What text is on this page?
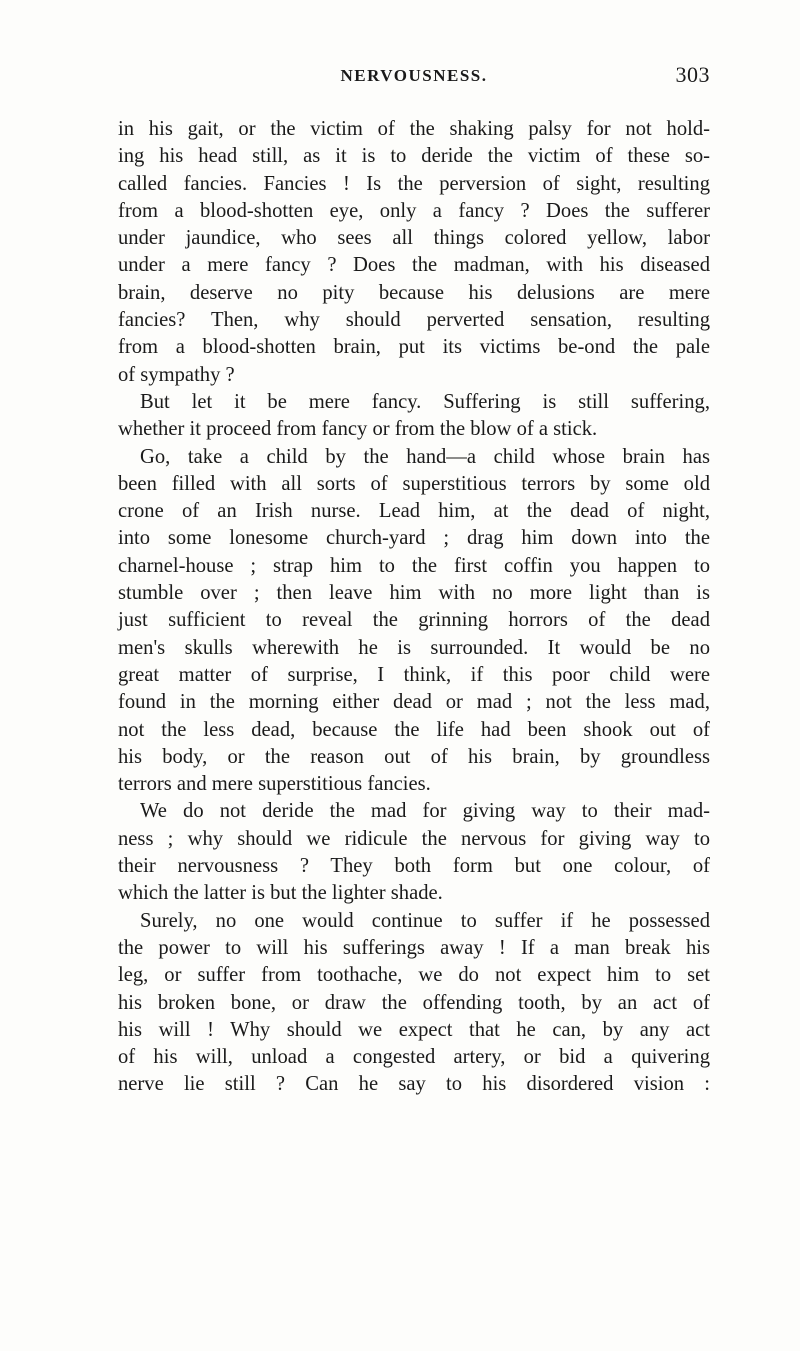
NERVOUSNESS.	303
in his gait, or the victim of the shaking palsy for not hold-
ing his head still, as it is to deride the victim of these so-
called fancies. Fancies ! Is the perversion of sight, resulting
from a blood-shotten eye, only a fancy ? Does the sufferer
under jaundice, who sees all things colored yellow, labor
under a mere fancy ? Does the madman, with his diseased
brain, deserve no pity because his delusions are mere
fancies? Then, why should perverted sensation, resulting
from a blood-shotten brain, put its victims be-ond the pale
of sympathy ?
But let it be mere fancy. Suffering is still suffering,
whether it proceed from fancy or from the blow of a stick.
Go, take a child by the hand—a child whose brain has
been filled with all sorts of superstitious terrors by some old
crone of an Irish nurse. Lead him, at the dead of night,
into some lonesome church-yard ; drag him down into the
charnel-house ; strap him to the first coffin you happen to
stumble over ; then leave him with no more light than is
just sufficient to reveal the grinning horrors of the dead
men's skulls wherewith he is surrounded. It would be no
great matter of surprise, I think, if this poor child were
found in the morning either dead or mad ; not the less mad,
not the less dead, because the life had been shook out of
his body, or the reason out of his brain, by groundless
terrors and mere superstitious fancies.
We do not deride the mad for giving way to their mad-
ness ; why should we ridicule the nervous for giving way to
their nervousness ? They both form but one colour, of
which the latter is but the lighter shade.
Surely, no one would continue to suffer if he possessed
the power to will his sufferings away ! If a man break his
leg, or suffer from toothache, we do not expect him to set
his broken bone, or draw the offending tooth, by an act of
his will ! Why should we expect that he can, by any act
of his will, unload a congested artery, or bid a quivering
nerve lie still ? Can he say to his disordered vision :
